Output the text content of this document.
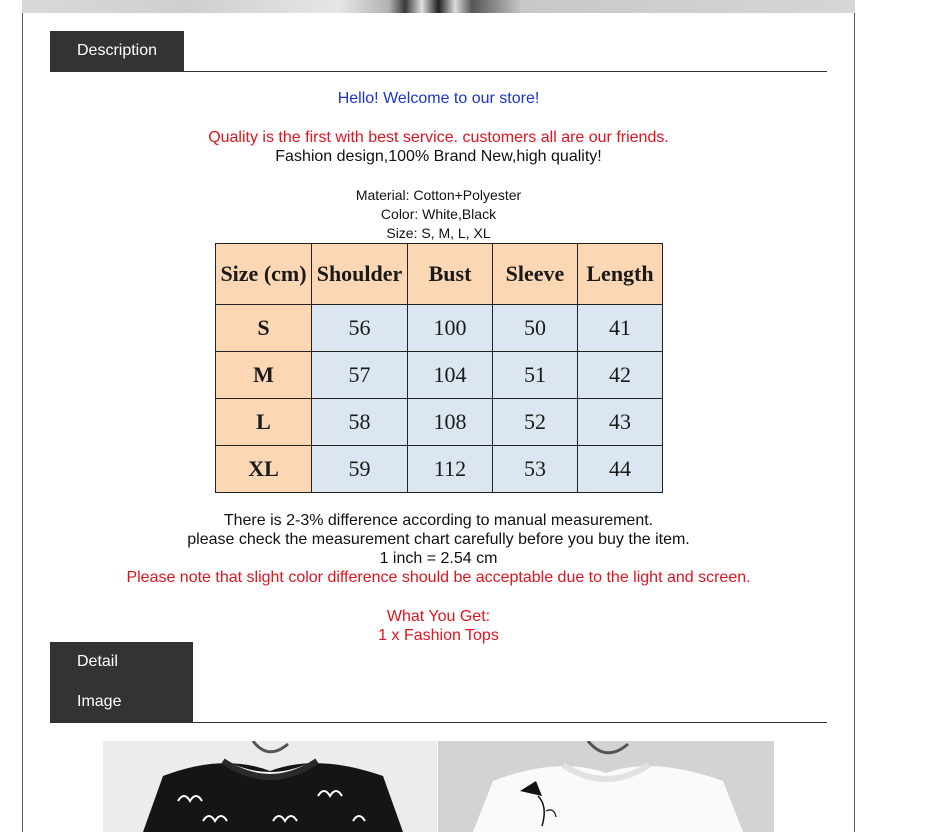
Description
Hello! Welcome to our store!
Quality is the first with best service. customers all are our friends.
Fashion design,100% Brand New,high quality!
Material: Cotton+Polyester
Color: White,Black
Size: S, M, L, XL
Size (cm)	Shoulder	Bust	Sleeve	Length
S	56	100	50	41
M	57	104	51	42
L	58	108	52	43
XL	59	112	53	44
There is 2-3% difference according to manual measurement.
please check the measurement chart carefully before you buy the item.
1 inch = 2.54 cm
Please note that slight color difference should be acceptable due to the light and screen.
What You Get:
1 x Fashion Tops
Detail Image
